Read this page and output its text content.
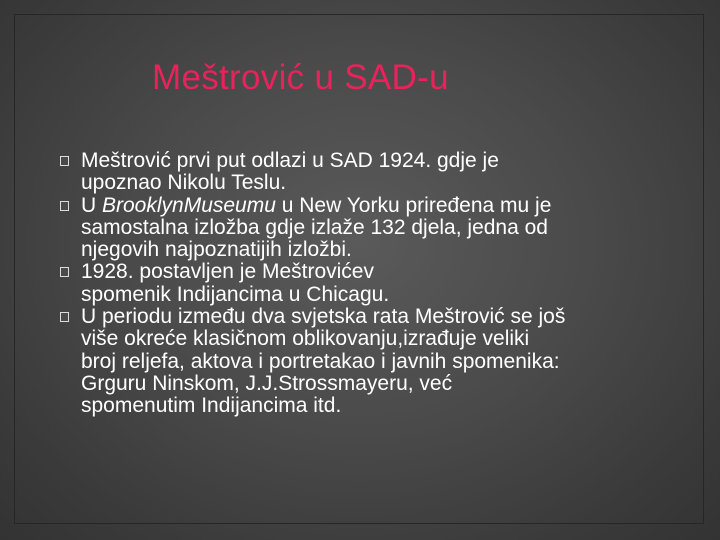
Meštrović u SAD-u
Meštrović prvi put odlazi u SAD 1924. gdje je
upoznao Nikolu Teslu.
U BrooklynMuseumu u New Yorku priređena mu je
samostalna izložba gdje izlaže 132 djela, jedna od
njegovih najpoznatijih izložbi.
1928. postavljen je Meštrovićev
spomenik Indijancima u Chicagu.
U periodu između dva svjetska rata Meštrović se još
više okreće klasičnom oblikovanju,izrađuje veliki
broj reljefa, aktova i portretakao i javnih spomenika:
Grguru Ninskom, J.J.Strossmayeru, već
spomenutim Indijancima itd.
